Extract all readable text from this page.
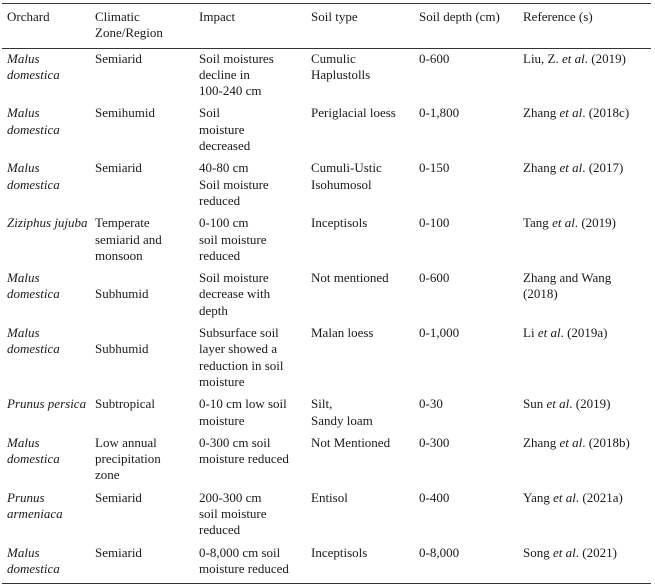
Orchard	Climatic Zone/Region	Impact	Soil type	Soil depth (cm)	Reference (s)

Malus
domestica	Semiarid	Soil moistures
decline in
100-240 cm	Cumulic
Haplustolls	0-600	Liu, Z. et al. (2019)

Malus
domestica	Semihumid	Soil
moisture
decreased	Periglacial loess	0-1,800	Zhang et al. (2018c)

Malus
domestica	Semiarid	40-80 cm
Soil moisture
reduced	Cumuli-Ustic
Isohumosol	0-150	Zhang et al. (2017)

Ziziphus jujuba	Temperate
semiarid and
monsoon	0-100 cm
soil moisture
reduced	Inceptisols	0-100	Tang et al. (2019)

Malus
domestica	Subhumid	Soil moisture
decrease with
depth	Not mentioned	0-600	Zhang and Wang
(2018)

Malus
domestica	Subhumid	Subsurface soil
layer showed a
reduction in soil
moisture	Malan loess	0-1,000	Li et al. (2019a)

Prunus persica	Subtropical	0-10 cm low soil
moisture	Silt,
Sandy loam	0-30	Sun et al. (2019)

Malus
domestica	Low annual
precipitation
zone	0-300 cm soil
moisture reduced	Not Mentioned	0-300	Zhang et al. (2018b)

Prunus
armeniaca	Semiarid	200-300 cm
soil moisture
reduced	Entisol	0-400	Yang et al. (2021a)

Malus
domestica	Semiarid	0-8,000 cm soil
moisture reduced	Inceptisols	0-8,000	Song et al. (2021)
